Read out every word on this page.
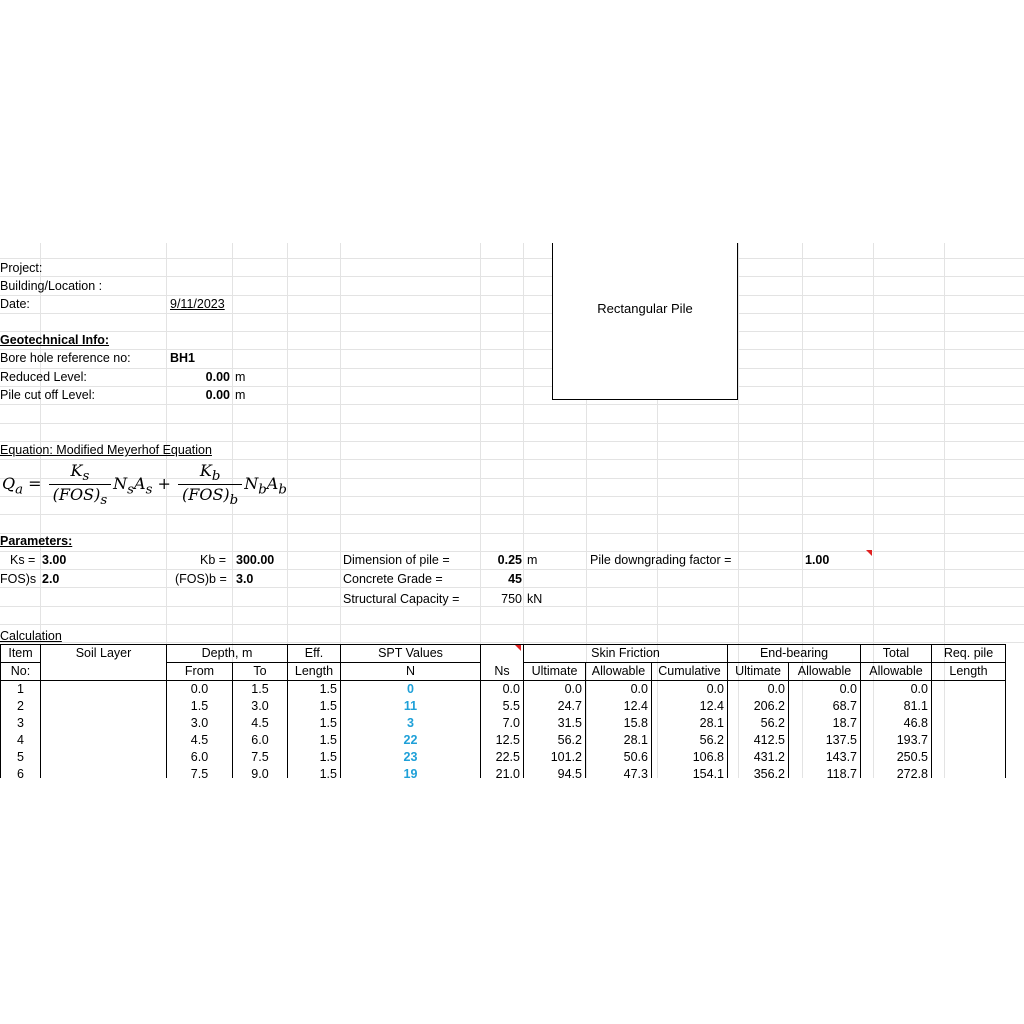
Project:
Building/Location :
Date:	9/11/2023	Rectangular Pile
Geotechnical Info:
Bore hole reference no:	BH1
Reduced Level:	0.00 m
Pile cut off Level:	0.00 m
Equation: Modified Meyerhof Equation
$Q_a = \frac{K_s}{(FOS)_s} N_sA_s + \frac{K_b}{(FOS)_b} N_bA_b$
Parameters:
Ks = 3.00	Kb = 300.00
FOS)s 2.0	(FOS)b = 3.0
Dimension of pile =	0.25 m
Concrete Grade =	45
Structural Capacity =	750 kN
Pile downgrading factor =	1.00
Calculation
Item	Soil Layer	Depth, m		Eff.	SPT Values		Skin Friction			End-bearing		Total	Req. pile
No:		From	To	Length	N	Ns	Ultimate	Allowable	Cumulative	Ultimate	Allowable	Allowable	Length
1		0.0	1.5	1.5	0	0.0	0.0	0.0	0.0	0.0	0.0	0.0	
2		1.5	3.0	1.5	11	5.5	24.7	12.4	12.4	206.2	68.7	81.1	
3		3.0	4.5	1.5	3	7.0	31.5	15.8	28.1	56.2	18.7	46.8	
4		4.5	6.0	1.5	22	12.5	56.2	28.1	56.2	412.5	137.5	193.7	
5		6.0	7.5	1.5	23	22.5	101.2	50.6	106.8	431.2	143.7	250.5	
6		7.5	9.0	1.5	19	21.0	94.5	47.3	154.1	356.2	118.7	272.8	
